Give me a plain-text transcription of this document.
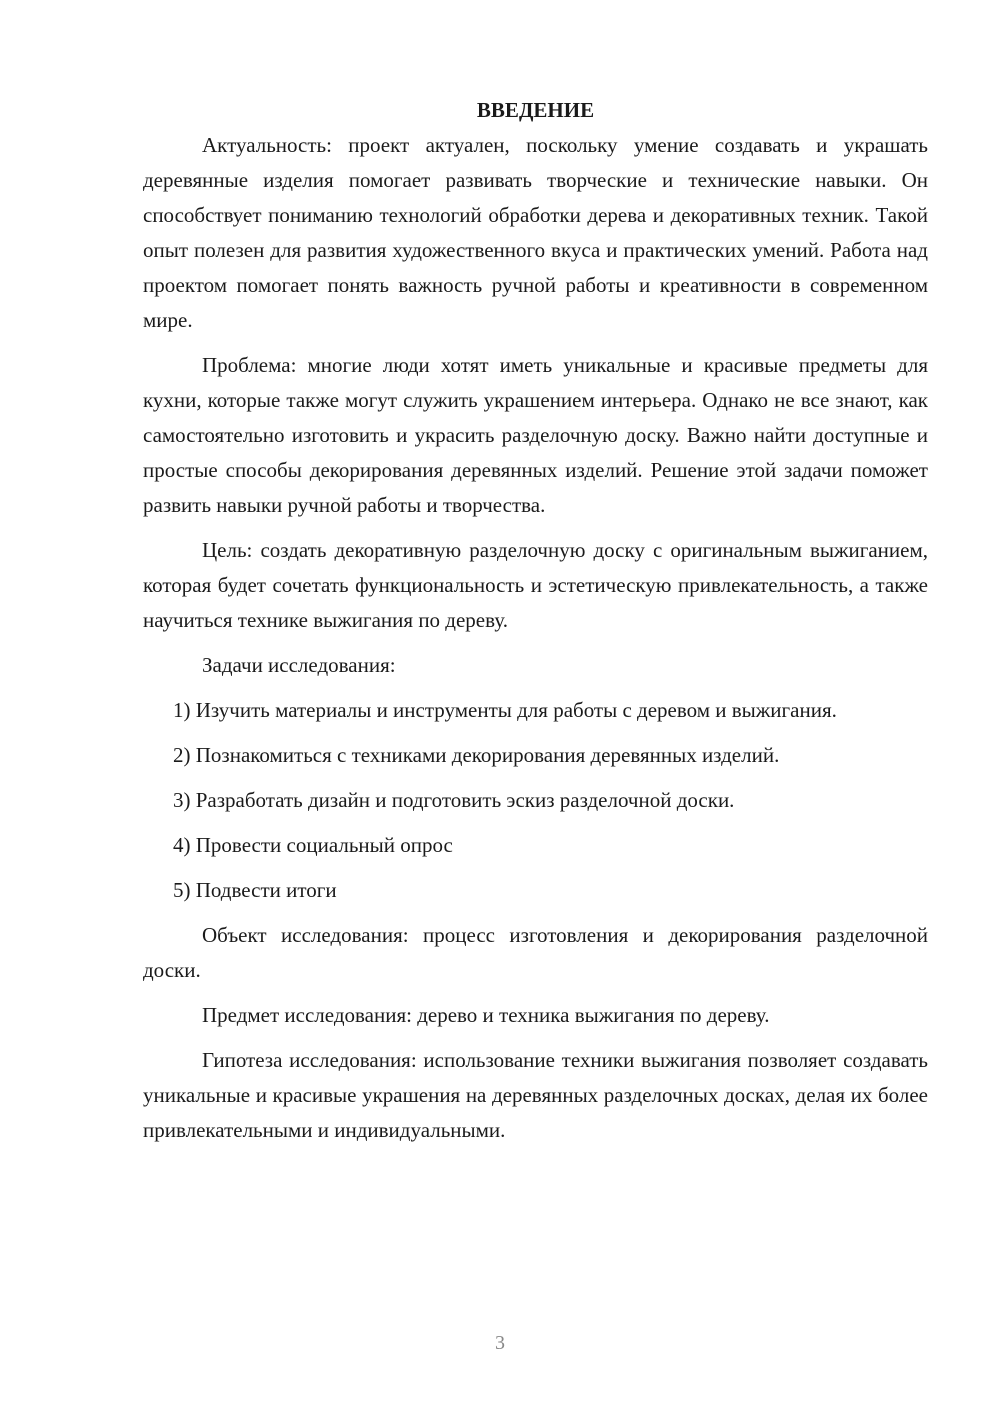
ВВЕДЕНИЕ

Актуальность: проект актуален, поскольку умение создавать и украшать деревянные изделия помогает развивать творческие и технические навыки. Он способствует пониманию технологий обработки дерева и декоративных техник. Такой опыт полезен для развития художественного вкуса и практических умений. Работа над проектом помогает понять важность ручной работы и креативности в современном мире.

Проблема: многие люди хотят иметь уникальные и красивые предметы для кухни, которые также могут служить украшением интерьера. Однако не все знают, как самостоятельно изготовить и украсить разделочную доску. Важно найти доступные и простые способы декорирования деревянных изделий. Решение этой задачи поможет развить навыки ручной работы и творчества.

Цель: создать декоративную разделочную доску с оригинальным выжиганием, которая будет сочетать функциональность и эстетическую привлекательность, а также научиться технике выжигания по дереву.

Задачи исследования:

1) Изучить материалы и инструменты для работы с деревом и выжигания.

2) Познакомиться с техниками декорирования деревянных изделий.

3) Разработать дизайн и подготовить эскиз разделочной доски.

4) Провести социальный опрос

5) Подвести итоги

Объект исследования: процесс изготовления и декорирования разделочной доски.

Предмет исследования: дерево и техника выжигания по дереву.

Гипотеза исследования: использование техники выжигания позволяет создавать уникальные и красивые украшения на деревянных разделочных досках, делая их более привлекательными и индивидуальными.

3
